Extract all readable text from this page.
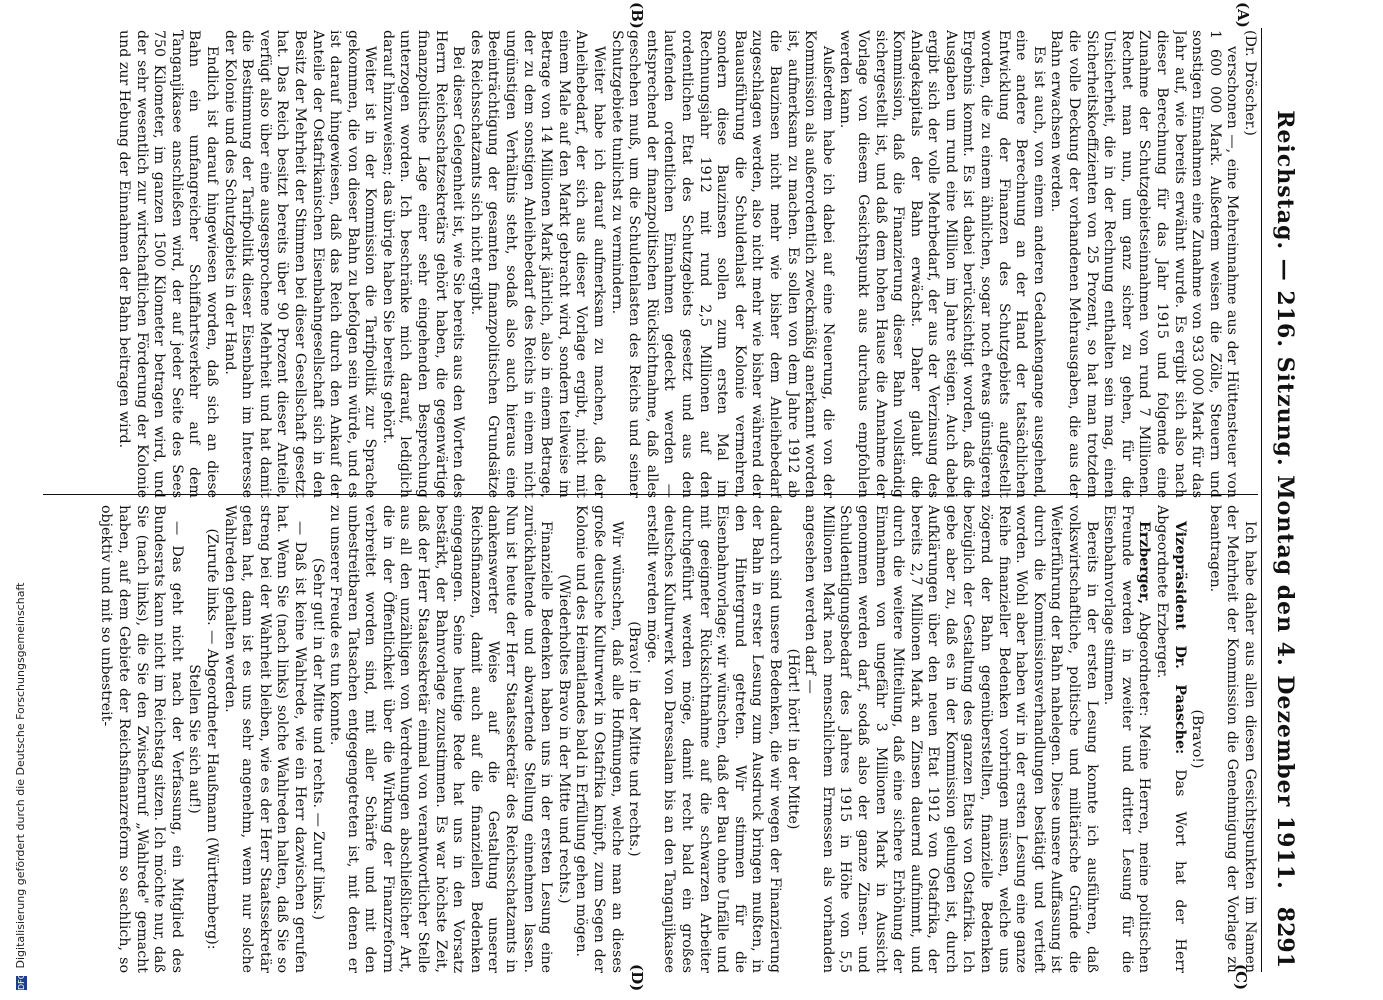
Reichstag. — 216. Sitzung. Montag den 4. Dezember 1911.
8291
(A)
(B)
(C)
(D)

(Dr. Dröscher.)

verschonen —, eine Mehreinnahme aus der Hüttensteuer von 1 600 000 Mark. Außerdem weisen die Zölle, Steuern und sonstigen Einnahmen eine Zunahme von 933 000 Mark für das Jahr auf, wie bereits erwähnt wurde. Es ergibt sich also nach dieser Berechnung für das Jahr 1915 und folgende eine Zunahme der Schutzgebietseinnahmen von rund 7 Millionen. Rechnet man nun, um ganz sicher zu gehen, für die Unsicherheit, die in der Rechnung enthalten sein mag, einen Sicherheitskoeffizienten von 25 Prozent, so hat man trotzdem die volle Deckung der vorhandenen Mehrausgaben, die aus der Bahn erwachsen werden.

Es ist auch, von einem anderen Gedankengange ausgehend, eine andere Berechnung an der Hand der tatsächlichen Entwicklung der Finanzen des Schutzgebiets aufgestellt worden, die zu einem ähnlichen, sogar noch etwas günstigeren Ergebnis kommt. Es ist dabei berücksichtigt worden, daß die Ausgaben um rund eine Million im Jahre steigen. Auch dabei ergibt sich der volle Mehrbedarf, der aus der Verzinsung des Anlagekapitals der Bahn erwächst. Daher glaubt die Kommission, daß die Finanzierung dieser Bahn vollständig sichergestellt ist, und daß dem hohen Hause die Annahme der Vorlage von diesem Gesichtspunkt aus durchaus empfohlen werden kann.

Außerdem habe ich dabei auf eine Neuerung, die von der Kommission als außerordentlich zweckmäßig anerkannt worden ist, aufmerksam zu machen. Es sollen von dem Jahre 1912 ab die Bauzinsen nicht mehr wie bisher dem Anleihebedarf zugeschlagen werden, also nicht mehr wie bisher während der Bauausführung die Schuldenlast der Kolonie vermehren, sondern diese Bauzinsen sollen zum ersten Mal im Rechnungsjahr 1912 mit rund 2,5 Millionen auf den ordentlichen Etat des Schutzgebiets gesetzt und aus den laufenden ordentlichen Einnahmen gedeckt werden — entsprechend der finanzpolitischen Rücksichtnahme, daß alles geschehen muß, um die Schuldenlasten des Reichs und seiner Schutzgebiete tunlichst zu vermindern.

Weiter habe ich darauf aufmerksam zu machen, daß der Anleihebedarf, der sich aus dieser Vorlage ergibt, nicht mit einem Male auf den Markt gebracht wird, sondern teilweise im Betrage von 14 Millionen Mark jährlich, also in einem Betrage, der zu dem sonstigen Anleihebedarf des Reichs in einem nicht ungünstigen Verhältnis steht, sodaß also auch hieraus eine Beeinträchtigung der gesamten finanzpolitischen Grundsätze des Reichsschatzamts sich nicht ergibt.

Bei dieser Gelegenheit ist, wie Sie bereits aus den Worten des Herrn Reichsschatzsekretärs gehört haben, die gegenwärtige finanzpolitische Lage einer sehr eingehenden Besprechung unterzogen worden. Ich beschränke mich darauf, lediglich darauf hinzuweisen; das übrige haben Sie bereits gehört.

Weiter ist in der Kommission die Tarifpolitik zur Sprache gekommen, die von dieser Bahn zu befolgen sein würde, und es ist darauf hingewiesen, daß das Reich durch den Ankauf der Anteile der Ostafrikanischen Eisenbahngesellschaft sich in den Besitz der Mehrheit der Stimmen bei dieser Gesellschaft gesetzt hat. Das Reich besitzt bereits über 90 Prozent dieser Anteile, verfügt also über eine ausgesprochene Mehrheit und hat damit die Bestimmung der Tarifpolitik dieser Eisenbahn im Interesse der Kolonie und des Schutzgebiets in der Hand.

Endlich ist darauf hingewiesen worden, daß sich an diese Bahn ein umfangreicher Schiffahrtsverkehr auf dem Tanganjikasee anschließen wird, der auf jeder Seite des Sees 750 Kilometer, im ganzen 1500 Kilometer betragen wird, und der sehr wesentlich zur wirtschaftlichen Förderung der Kolonie und zur Hebung der Einnahmen der Bahn beitragen wird.

Ich habe daher aus allen diesen Gesichtspunkten im Namen der Mehrheit der Kommission die Genehmigung der Vorlage zu beantragen.

(Bravo!)

Vizepräsident Dr. Paasche: Das Wort hat der Herr Abgeordnete Erzberger.

Erzberger, Abgeordneter: Meine Herren, meine politischen Freunde werden in zweiter und dritter Lesung für die Eisenbahnvorlage stimmen.

Bereits in der ersten Lesung konnte ich ausführen, daß volkswirtschaftliche, politische und militärische Gründe die Weiterführung der Bahn nahelegen. Diese unsere Auffassung ist durch die Kommissionsverhandlungen bestätigt und vertieft worden. Wohl aber haben wir in der ersten Lesung eine ganze Reihe finanzieller Bedenken vorbringen müssen, welche uns zögernd der Bahn gegenüberstellten, finanzielle Bedenken bezüglich der Gestaltung des ganzen Etats von Ostafrika. Ich gebe aber zu, daß es in der Kommission gelungen ist, durch Aufklärungen über den neuen Etat 1912 von Ostafrika, der bereits 2,7 Millionen Mark an Zinsen dauernd aufnimmt, und durch die weitere Mitteilung, daß eine sichere Erhöhung der Einnahmen von ungefähr 3 Millionen Mark in Aussicht genommen werden darf, sodaß also der ganze Zinsen- und Schuldentilgungsbedarf des Jahres 1915 in Höhe von 5,5 Millionen Mark nach menschlichem Ermessen als vorhanden angesehen werden darf —

(Hört! hört! in der Mitte)

dadurch sind unsere Bedenken, die wir wegen der Finanzierung der Bahn in erster Lesung zum Ausdruck bringen mußten, in den Hintergrund getreten. Wir stimmen für die Eisenbahnvorlage; wir wünschen, daß der Bau ohne Unfälle und mit geeigneter Rücksichtnahme auf die schwarzen Arbeiter durchgeführt werden möge, damit recht bald ein großes deutsches Kulturwerk von Daressalam bis an den Tanganjikasee erstellt werden möge.

(Bravo! in der Mitte und rechts.)

Wir wünschen, daß alle Hoffnungen, welche man an dieses große deutsche Kulturwerk in Ostafrika knüpft, zum Segen der Kolonie und des Heimatlandes bald in Erfüllung gehen mögen.

(Wiederholtes Bravo in der Mitte und rechts.)

Finanzielle Bedenken haben uns in der ersten Lesung eine zurückhaltende und abwartende Stellung einnehmen lassen. Nun ist heute der Herr Staatssekretär des Reichsschatzamts in dankenswerter Weise auf die Gestaltung unserer Reichsfinanzen, damit auch auf die finanziellen Bedenken eingegangen. Seine heutige Rede hat uns in den Vorsatz bestärkt, der Bahnvorlage zuzustimmen. Es war höchste Zeit, daß der Herr Staatssekretär einmal von verantwortlicher Stelle aus all den unzähligen von Verdrehungen abschließlicher Art, die in der Öffentlichkeit über die Wirkung der Finanzreform verbreitet worden sind, mit aller Schärfe und mit den unbestreitbaren Tatsachen entgegengetreten ist, mit denen er zu unserer Freude es tun konnte.

(Sehr gut! in der Mitte und rechts. — Zuruf links.)

— Daß ist keine Wahlrede, wie ein Herr dazwischen gerufen hat. Wenn Sie (nach links) solche Wahlreden halten, daß Sie so streng bei der Wahrheit bleiben, wie es der Herr Staatssekretär getan hat, dann ist es uns sehr angenehm, wenn nur solche Wahlreden gehalten werden.

(Zurufe links. — Abgeordneter Haußmann (Württemberg): Stellen Sie sich auf!)

— Das geht nicht nach der Verfassung, ein Mitglied des Bundesrats kann nicht im Reichstag sitzen. Ich möchte nur, daß Sie (nach links), die Sie den Zwischenruf „Wahlrede" gemacht haben, auf dem Gebiete der Reichsfinanzreform so sachlich, so objektiv und mit so unbestreit-

DFG Digitalisierung gefördert durch die Deutsche Forschungsgemeinschaft
